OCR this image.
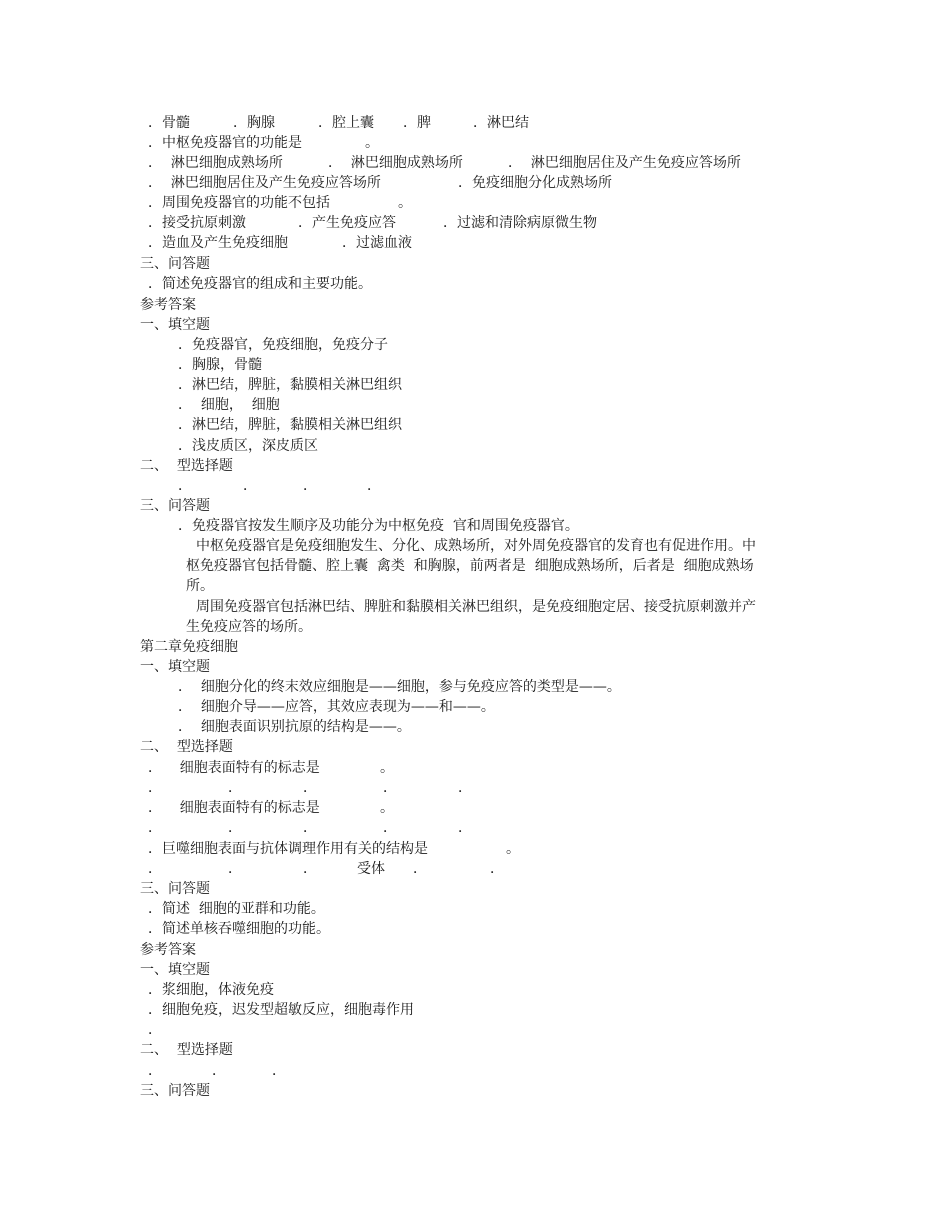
．骨髓	．胸腺	．腔上囊 ．脾	．淋巴结
．中枢免疫器官的功能是	。
．  淋巴细胞成熟场所	．  淋巴细胞成熟场所	．  淋巴细胞居住及产生免疫应答场所
．  淋巴细胞居住及产生免疫应答场所	．免疫细胞分化成熟场所
．周围免疫器官的功能不包括	。
．接受抗原刺激	．产生免疫应答	．过滤和清除病原微生物
．造血及产生免疫细胞	．过滤血液
三、问答题
．简述免疫器官的组成和主要功能。
参考答案
一、填空题
．免疫器官，免疫细胞，免疫分子
．胸腺，骨髓
．淋巴结，脾脏，黏膜相关淋巴组织
．  细胞，  细胞
．淋巴结，脾脏，黏膜相关淋巴组织
．浅皮质区，深皮质区
二、  型选择题
．	．	．	．
三、问答题
．免疫器官按发生顺序及功能分为中枢免疫  官和周围免疫器官。
中枢免疫器官是免疫细胞发生、分化、成熟场所，对外周免疫器官的发育也有促进作用。中
枢免疫器官包括骨髓、腔上囊  禽类  和胸腺，前两者是  细胞成熟场所，后者是  细胞成熟场
所。
周围免疫器官包括淋巴结、脾脏和黏膜相关淋巴组织，是免疫细胞定居、接受抗原刺激并产
生免疫应答的场所。
第二章免疫细胞
一、填空题
．  细胞分化的终末效应细胞是——细胞，参与免疫应答的类型是——。
．  细胞介导——应答，其效应表现为——和——。
．  细胞表面识别抗原的结构是——。
二、  型选择题
．    细胞表面特有的标志是	。
．	．	．	．	．
．    细胞表面特有的标志是	。
．	．	．	．	．
．巨噬细胞表面与抗体调理作用有关的结构是	。
．	．	．	受体 ．	．
三、问答题
．简述  细胞的亚群和功能。
．简述单核吞噬细胞的功能。
参考答案
一、填空题
．浆细胞，体液免疫
．细胞免疫，迟发型超敏反应，细胞毒作用
．
二、  型选择题
．	．	．
三、问答题
